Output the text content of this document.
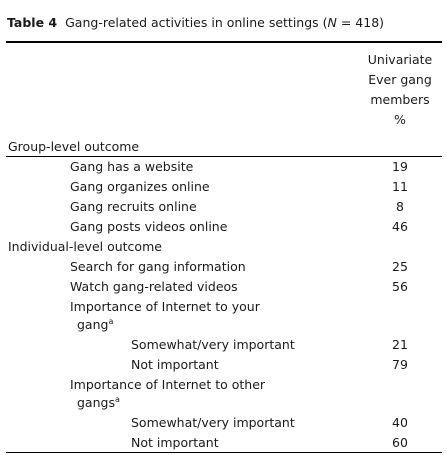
Table 4 Gang-related activities in online settings (N = 418)
Univariate
Ever gang
members
%
Group-level outcome
Gang has a website	19
Gang organizes online	11
Gang recruits online	8
Gang posts videos online	46
Individual-level outcome
Search for gang information	25
Watch gang-related videos	56
Importance of Internet to your
gang$^a$
Somewhat/very important	21
Not important	79
Importance of Internet to other
gangs$^a$
Somewhat/very important	40
Not important	60
